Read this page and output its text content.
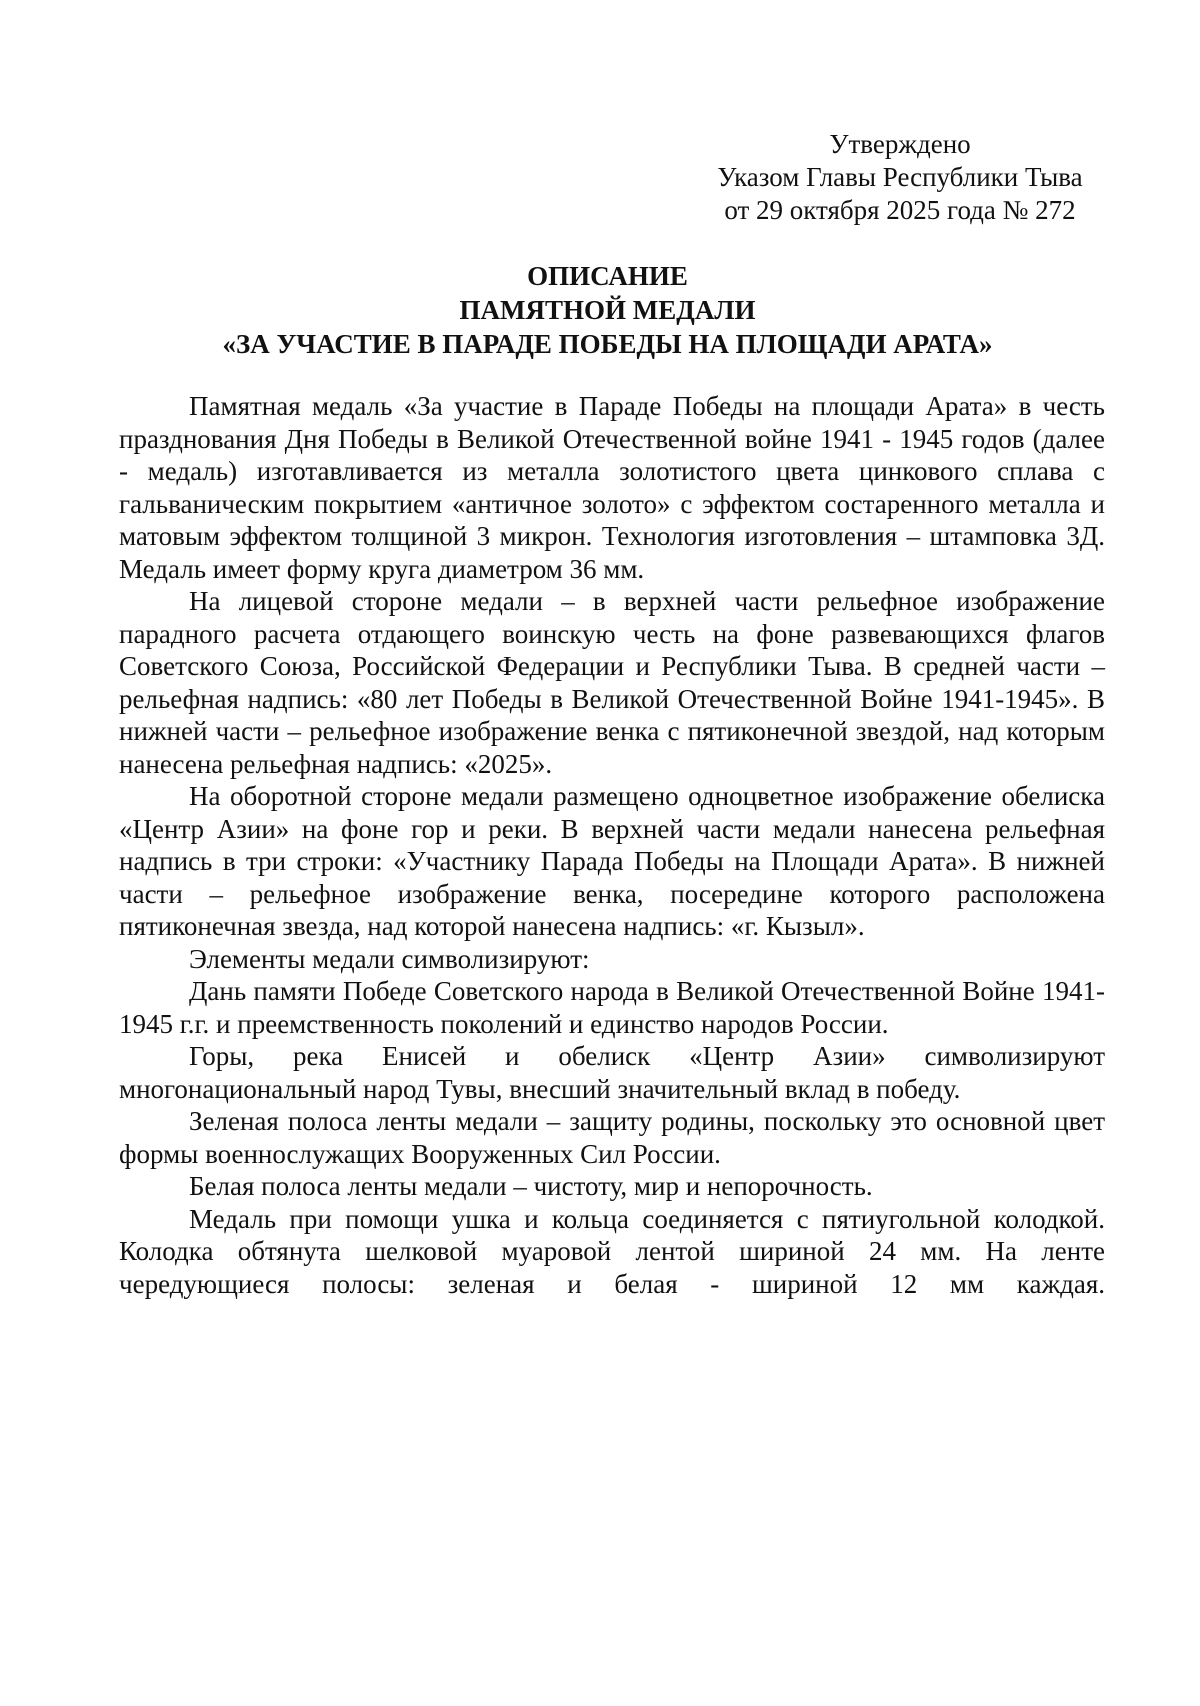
Утверждено
Указом Главы Республики Тыва
от 29 октября 2025 года № 272
ОПИСАНИЕ
ПАМЯТНОЙ МЕДАЛИ
«ЗА УЧАСТИЕ В ПАРАДЕ ПОБЕДЫ НА ПЛОЩАДИ АРАТА»

Памятная медаль «За участие в Параде Победы на площади Арата» в честь празднования Дня Победы в Великой Отечественной войне 1941 - 1945 годов (далее - медаль) изготавливается из металла золотистого цвета цинкового сплава с гальваническим покрытием «античное золото» с эффектом состаренного металла и матовым эффектом толщиной 3 микрон. Технология изготовления – штамповка 3Д. Медаль имеет форму круга диаметром 36 мм.

На лицевой стороне медали – в верхней части рельефное изображение парадного расчета отдающего воинскую честь на фоне развевающихся флагов Советского Союза, Российской Федерации и Республики Тыва. В средней части – рельефная надпись: «80 лет Победы в Великой Отечественной Войне 1941-1945». В нижней части – рельефное изображение венка с пятиконечной звездой, над которым нанесена рельефная надпись: «2025».

На оборотной стороне медали размещено одноцветное изображение обелиска «Центр Азии» на фоне гор и реки. В верхней части медали нанесена рельефная надпись в три строки: «Участнику Парада Победы на Площади Арата». В нижней части – рельефное изображение венка, посередине которого расположена пятиконечная звезда, над которой нанесена надпись: «г. Кызыл».

Элементы медали символизируют:

Дань памяти Победе Советского народа в Великой Отечественной Войне 1941-1945 г.г. и преемственность поколений и единство народов России.

Горы, река Енисей и обелиск «Центр Азии» символизируют многонациональный народ Тувы, внесший значительный вклад в победу.

Зеленая полоса ленты медали – защиту родины, поскольку это основной цвет формы военнослужащих Вооруженных Сил России.

Белая полоса ленты медали – чистоту, мир и непорочность.

Медаль при помощи ушка и кольца соединяется с пятиугольной колодкой. Колодка обтянута шелковой муаровой лентой шириной 24 мм. На ленте чередующиеся полосы: зеленая и белая - шириной 12 мм каждая.
